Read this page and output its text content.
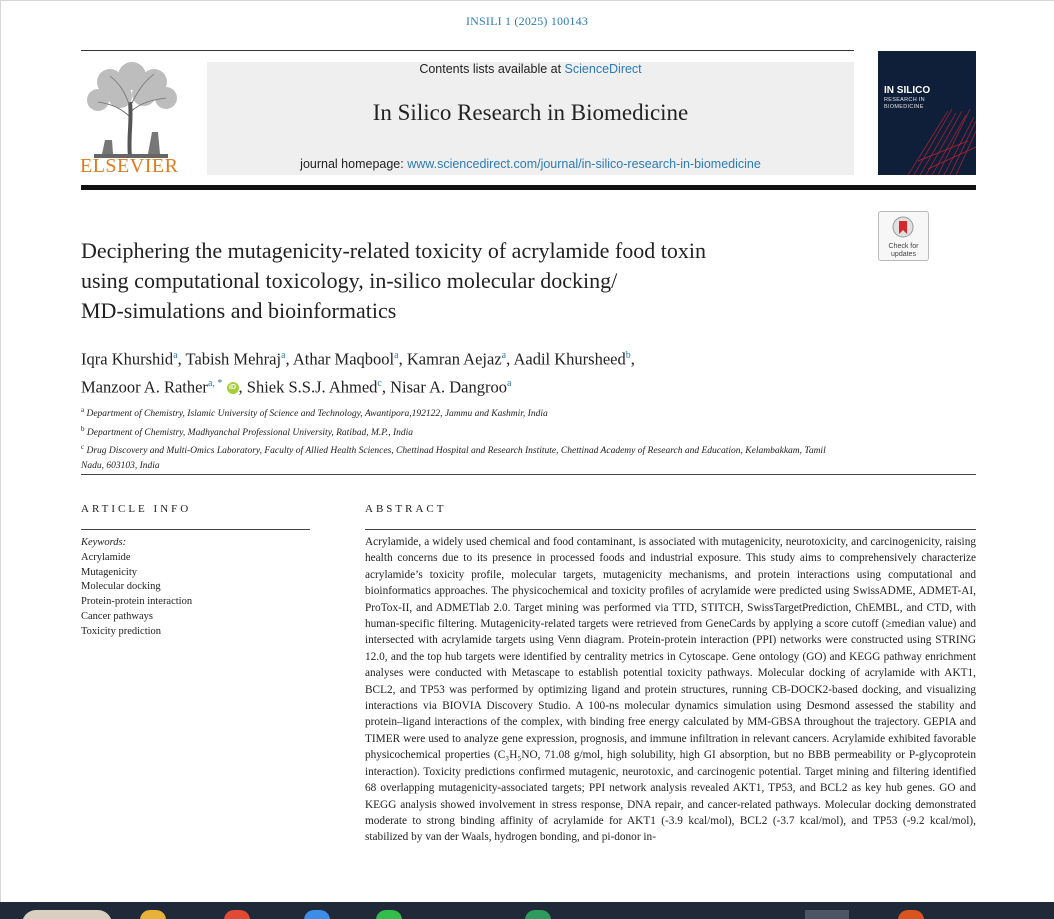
INSILI 1 (2025) 100143
ELSEVIER
Contents lists available at ScienceDirect
In Silico Research in Biomedicine
journal homepage: www.sciencedirect.com/journal/in-silico-research-in-biomedicine
IN SILICO
RESEARCH IN
BIOMEDICINE
Check for updates
Deciphering the mutagenicity-related toxicity of acrylamide food toxin
using computational toxicology, in-silico molecular docking/
MD-simulations and bioinformatics
Iqra Khurshid$^a$, Tabish Mehraj$^a$, Athar Maqbool$^a$, Kamran Aejaz$^a$, Aadil Khursheed$^b$,
Manzoor A. Rather$^{a, *}$ iD , Shiek S.S.J. Ahmed$^c$, Nisar A. Dangroo$^a$
$^a$ Department of Chemistry, Islamic University of Science and Technology, Awantipora,192122, Jammu and Kashmir, India
$^b$ Department of Chemistry, Madhyanchal Professional University, Ratibad, M.P., India
$^c$ Drug Discovery and Multi-Omics Laboratory, Faculty of Allied Health Sciences, Chettinad Hospital and Research Institute, Chettinad Academy of Research and Education, Kelambakkam, Tamil Nadu, 603103, India
ARTICLE INFO	ABSTRACT
Keywords:
Acrylamide
Mutagenicity
Molecular docking
Protein-protein interaction
Cancer pathways
Toxicity prediction
Acrylamide, a widely used chemical and food contaminant, is associated with mutagenicity, neurotoxicity, and carcinogenicity, raising health concerns due to its presence in processed foods and industrial exposure. This study aims to comprehensively characterize acrylamide’s toxicity profile, molecular targets, mutagenicity mechanisms, and protein interactions using computational and bioinformatics approaches. The physicochemical and toxicity profiles of acrylamide were predicted using SwissADME, ADMET-AI, ProTox-II, and ADMETlab 2.0. Target mining was performed via TTD, STITCH, SwissTargetPrediction, ChEMBL, and CTD, with human-specific filtering. Mutagenicity-related targets were retrieved from GeneCards by applying a score cutoff (≥median value) and intersected with acrylamide targets using Venn diagram. Protein-protein interaction (PPI) networks were constructed using STRING 12.0, and the top hub targets were identified by centrality metrics in Cytoscape. Gene ontology (GO) and KEGG pathway enrichment analyses were conducted with Metascape to establish potential toxicity pathways. Molecular docking of acrylamide with AKT1, BCL2, and TP53 was performed by optimizing ligand and protein structures, running CB-DOCK2-based docking, and visualizing interactions via BIOVIA Discovery Studio. A 100-ns molecular dynamics simulation using Desmond assessed the stability and protein–ligand interactions of the complex, with binding free energy calculated by MM-GBSA throughout the trajectory. GEPIA and TIMER were used to analyze gene expression, prognosis, and immune infiltration in relevant cancers. Acrylamide exhibited favorable physicochemical properties (C₃H₅NO, 71.08 g/mol, high solubility, high GI absorption, but no BBB permeability or P-glycoprotein interaction). Toxicity predictions confirmed mutagenic, neurotoxic, and carcinogenic potential. Target mining and filtering identified 68 overlapping mutagenicity-associated targets; PPI network analysis revealed AKT1, TP53, and BCL2 as key hub genes. GO and KEGG analysis showed involvement in stress response, DNA repair, and cancer-related pathways. Molecular docking demonstrated moderate to strong binding affinity of acrylamide for AKT1 (-3.9 kcal/mol), BCL2 (-3.7 kcal/mol), and TP53 (-9.2 kcal/mol), stabilized by van der Waals, hydrogen bonding, and pi-donor in-
